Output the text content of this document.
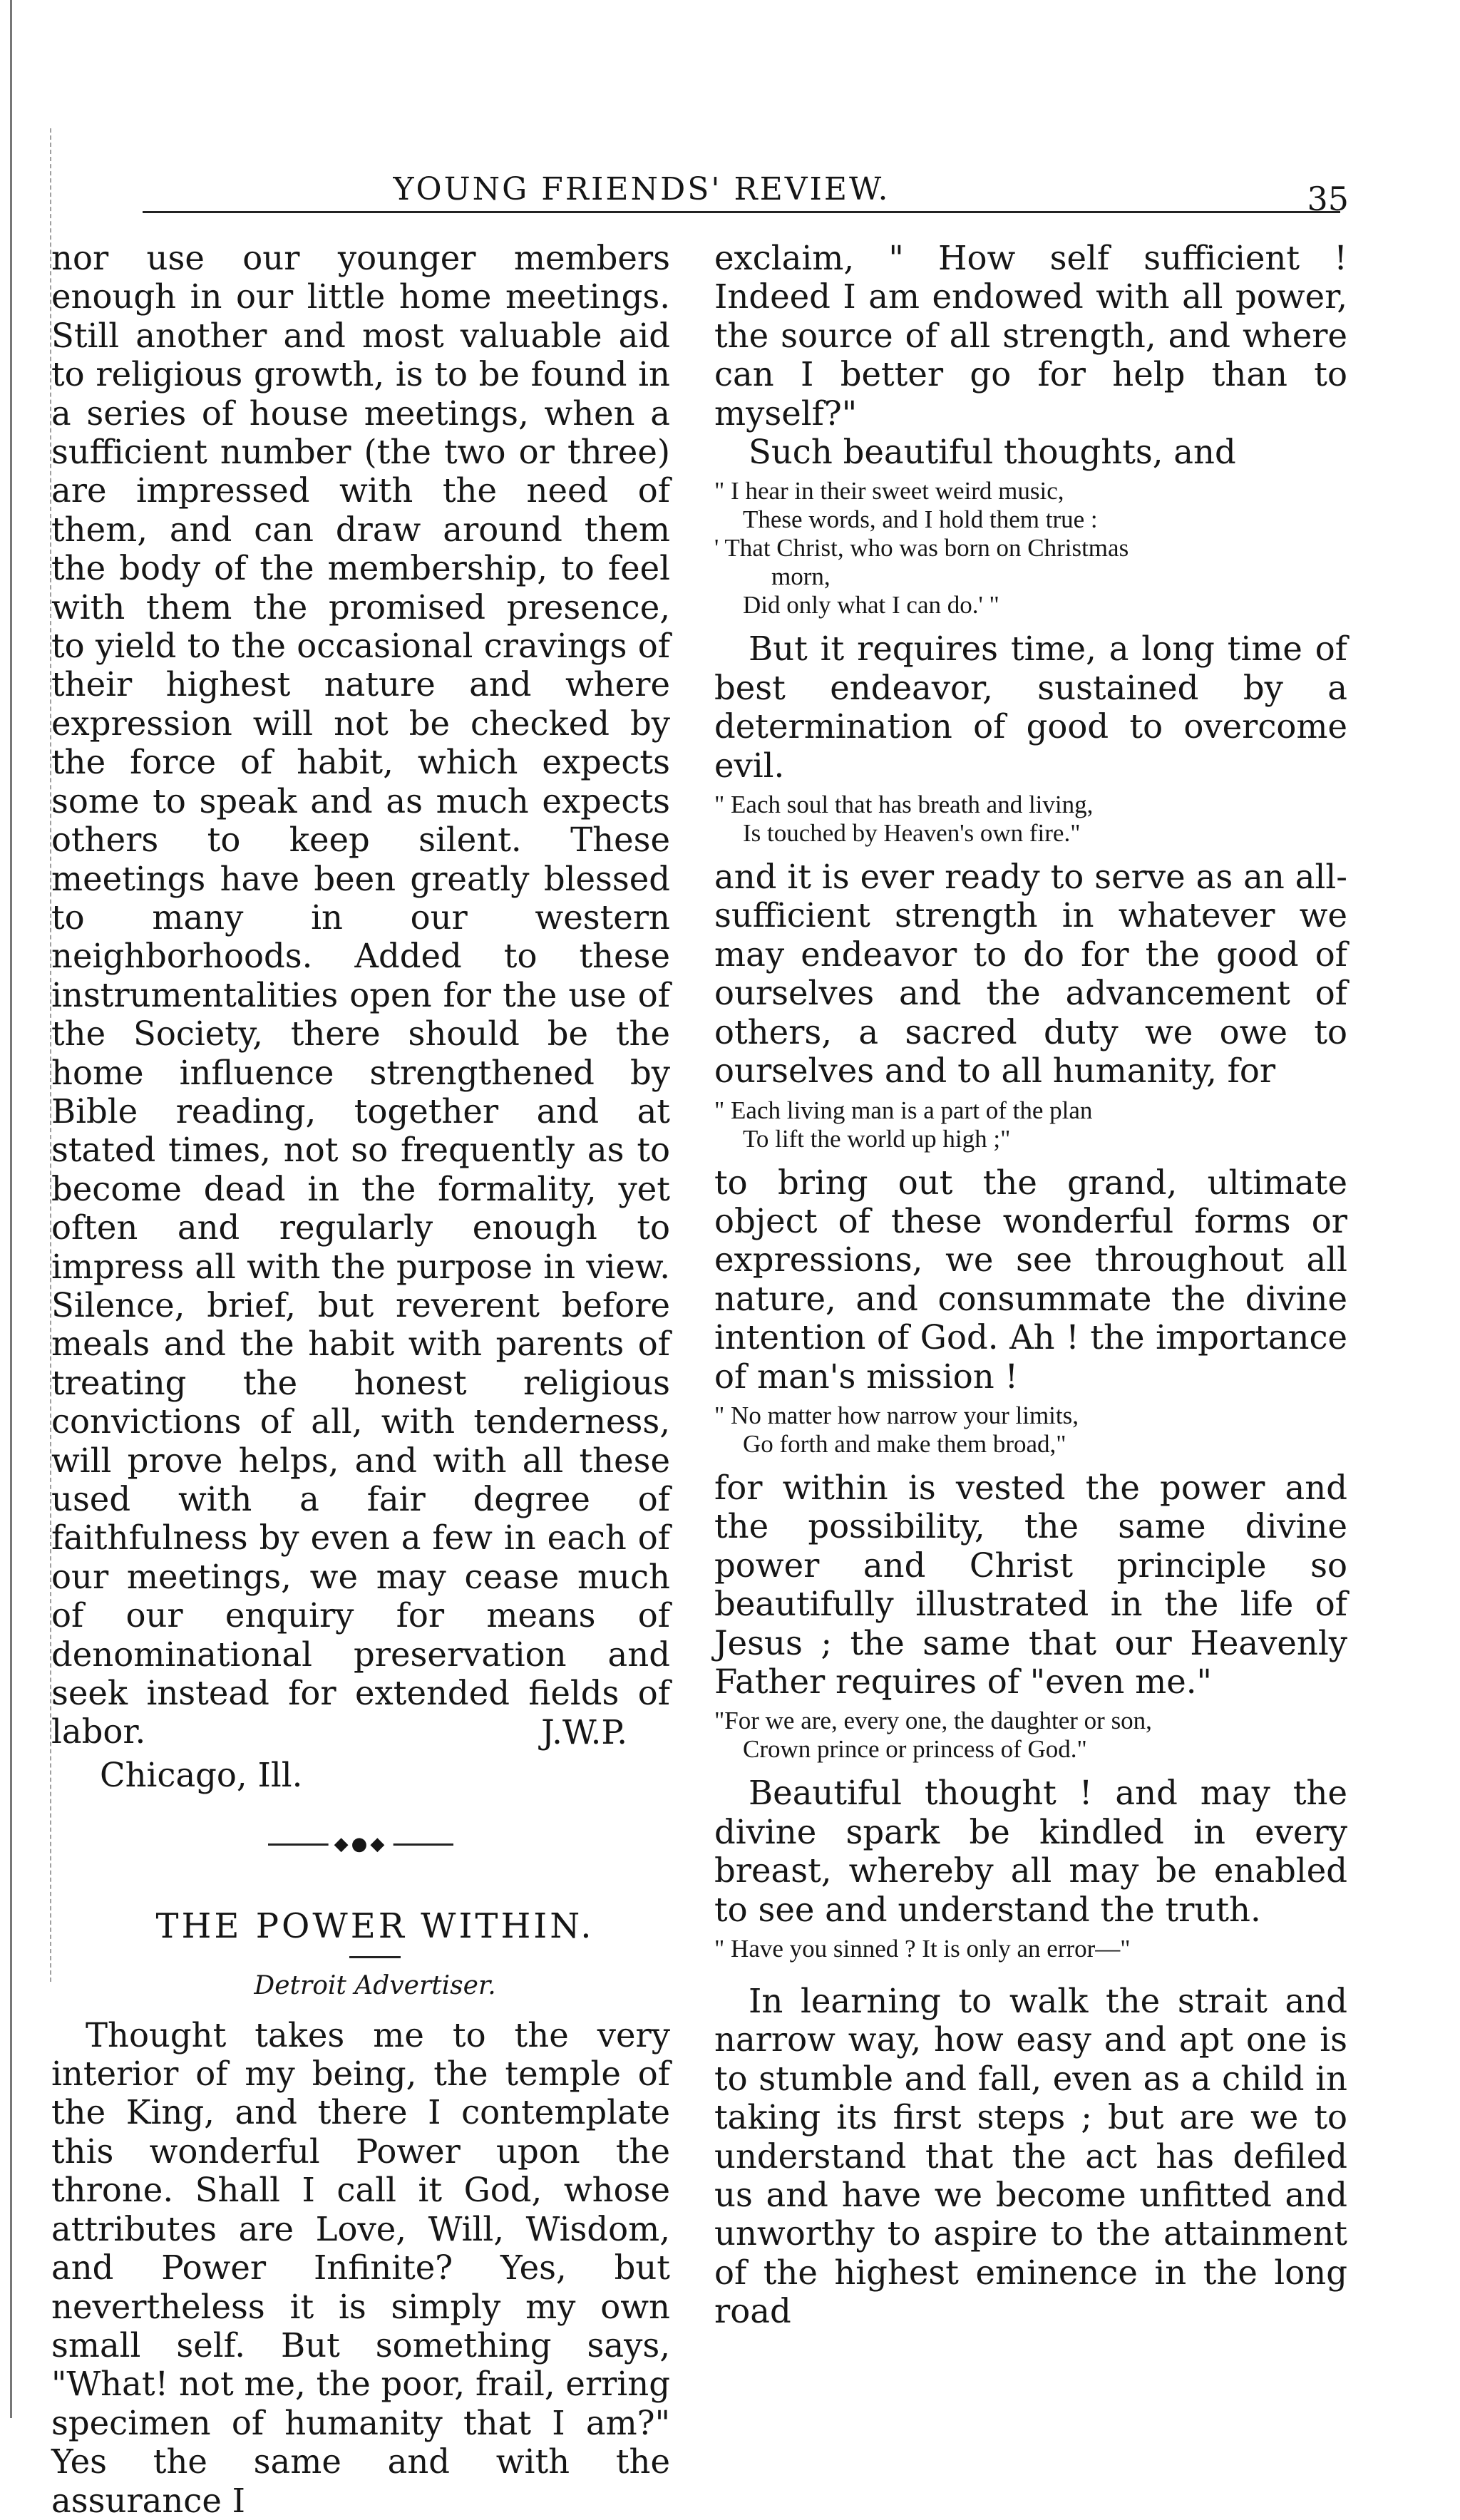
YOUNG FRIENDS' REVIEW.	35

nor use our younger members enough in our little home meetings. Still another and most valuable aid to religious growth, is to be found in a series of house meetings, when a sufficient number (the two or three) are impressed with the need of them, and can draw around them the body of the membership, to feel with them the promised presence, to yield to the occasional cravings of their highest nature and where expression will not be checked by the force of habit, which expects some to speak and as much expects others to keep silent. These meetings have been greatly blessed to many in our western neighborhoods. Added to these instrumentalities open for the use of the Society, there should be the home influence strengthened by Bible reading, together and at stated times, not so frequently as to become dead in the formality, yet often and regularly enough to impress all with the purpose in view. Silence, brief, but reverent before meals and the habit with parents of treating the honest religious convictions of all, with tenderness, will prove helps, and with all these used with a fair degree of faithfulness by even a few in each of our meetings, we may cease much of our enquiry for means of denominational preservation and seek instead for extended fields of labor.	J.W.P.
Chicago, Ill.
◆●◆
THE POWER WITHIN.
Detroit Advertiser.

Thought takes me to the very interior of my being, the temple of the King, and there I contemplate this wonderful Power upon the throne. Shall I call it God, whose attributes are Love, Will, Wisdom, and Power Infinite? Yes, but nevertheless it is simply my own small self. But something says, "What! not me, the poor, frail, erring specimen of humanity that I am?" Yes the same and with the assurance I

exclaim, " How self sufficient ! Indeed I am endowed with all power, the source of all strength, and where can I better go for help than to myself?"

Such beautiful thoughts, and

" I hear in their sweet weird music,
These words, and I hold them true :
' That Christ, who was born on Christmas
morn,
Did only what I can do.' "

But it requires time, a long time of best endeavor, sustained by a determination of good to overcome evil.

" Each soul that has breath and living,
Is touched by Heaven's own fire."

and it is ever ready to serve as an all-sufficient strength in whatever we may endeavor to do for the good of ourselves and the advancement of others, a sacred duty we owe to ourselves and to all humanity, for

" Each living man is a part of the plan
To lift the world up high ;"

to bring out the grand, ultimate object of these wonderful forms or expressions, we see throughout all nature, and consummate the divine intention of God. Ah ! the importance of man's mission !

" No matter how narrow your limits,
Go forth and make them broad,"

for within is vested the power and the possibility, the same divine power and Christ principle so beautifully illustrated in the life of Jesus ; the same that our Heavenly Father requires of "even me."

"For we are, every one, the daughter or son,
Crown prince or princess of God."

Beautiful thought ! and may the divine spark be kindled in every breast, whereby all may be enabled to see and understand the truth.

" Have you sinned ? It is only an error—"

In learning to walk the strait and narrow way, how easy and apt one is to stumble and fall, even as a child in taking its first steps ; but are we to understand that the act has defiled us and have we become unfitted and unworthy to aspire to the attainment of the highest eminence in the long road
